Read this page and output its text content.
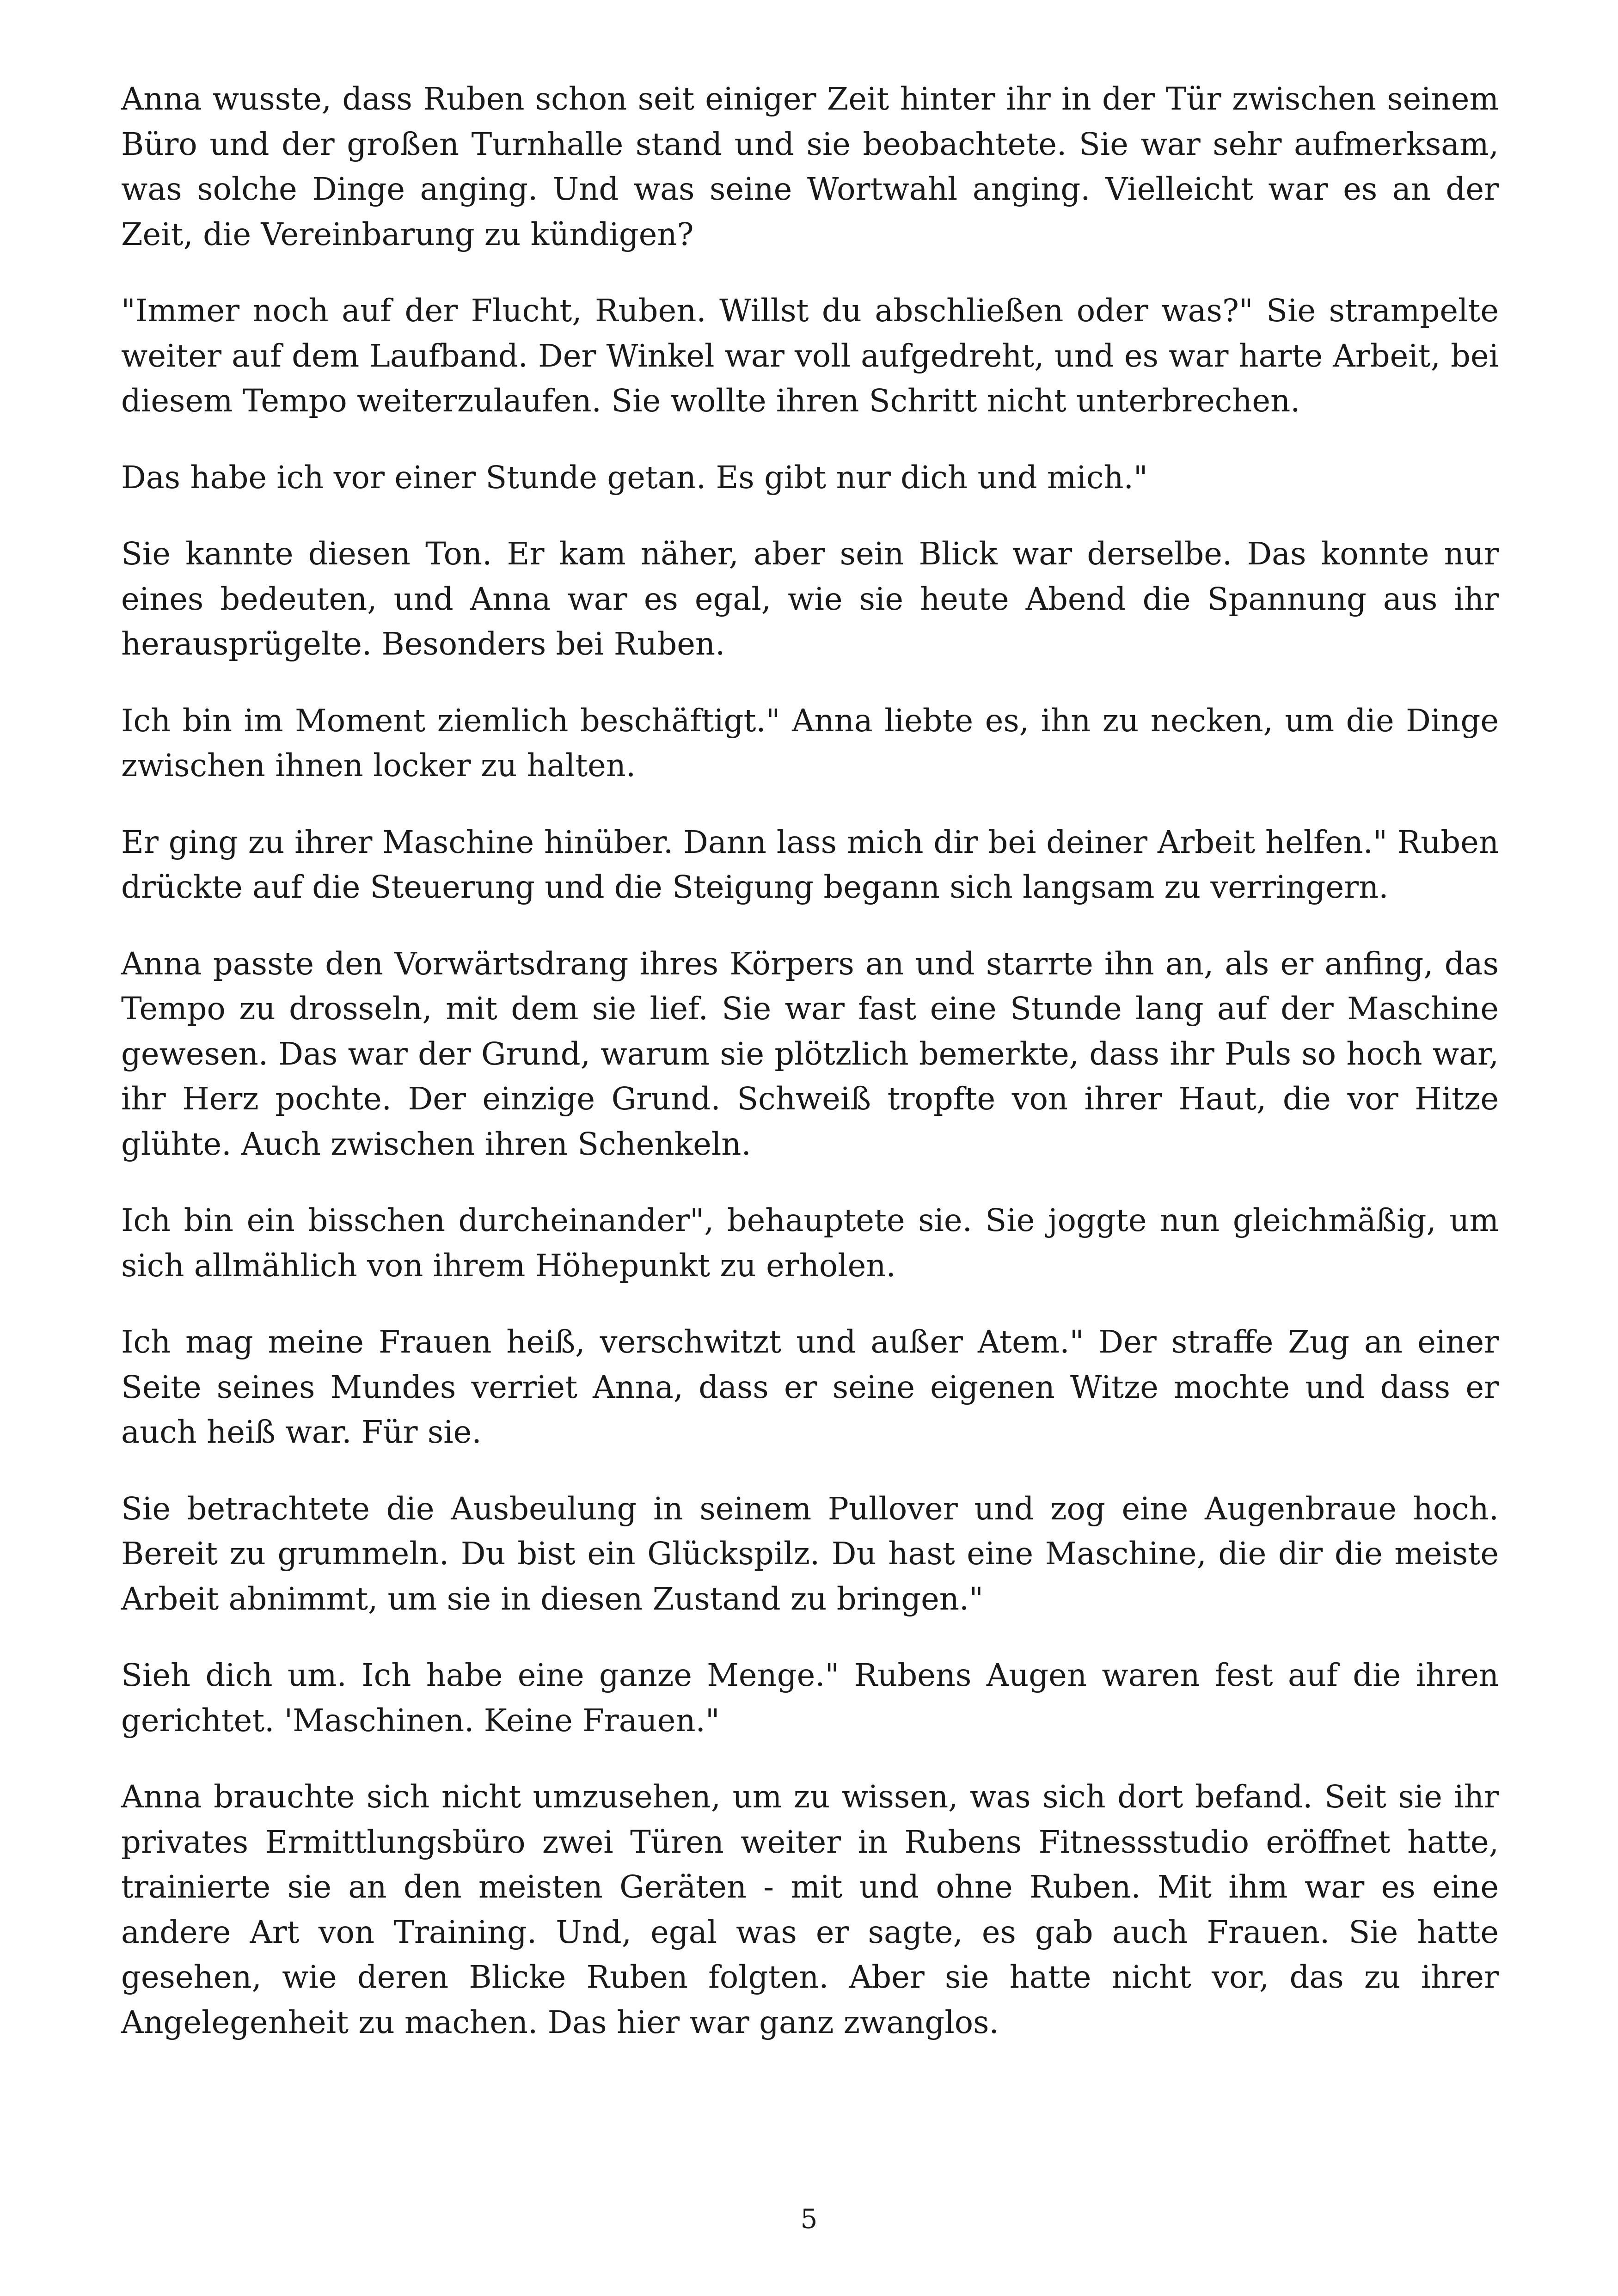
Anna wusste, dass Ruben schon seit einiger Zeit hinter ihr in der Tür zwischen seinem Büro und der großen Turnhalle stand und sie beobachtete. Sie war sehr aufmerksam, was solche Dinge anging. Und was seine Wortwahl anging. Vielleicht war es an der Zeit, die Vereinbarung zu kündigen?

"Immer noch auf der Flucht, Ruben. Willst du abschließen oder was?" Sie strampelte weiter auf dem Laufband. Der Winkel war voll aufgedreht, und es war harte Arbeit, bei diesem Tempo weiterzulaufen. Sie wollte ihren Schritt nicht unterbrechen.

Das habe ich vor einer Stunde getan. Es gibt nur dich und mich."

Sie kannte diesen Ton. Er kam näher, aber sein Blick war derselbe. Das konnte nur eines bedeuten, und Anna war es egal, wie sie heute Abend die Spannung aus ihr herausprügelte. Besonders bei Ruben.

Ich bin im Moment ziemlich beschäftigt." Anna liebte es, ihn zu necken, um die Dinge zwischen ihnen locker zu halten.

Er ging zu ihrer Maschine hinüber. Dann lass mich dir bei deiner Arbeit helfen." Ruben drückte auf die Steuerung und die Steigung begann sich langsam zu verringern.

Anna passte den Vorwärtsdrang ihres Körpers an und starrte ihn an, als er anfing, das Tempo zu drosseln, mit dem sie lief. Sie war fast eine Stunde lang auf der Maschine gewesen. Das war der Grund, warum sie plötzlich bemerkte, dass ihr Puls so hoch war, ihr Herz pochte. Der einzige Grund. Schweiß tropfte von ihrer Haut, die vor Hitze glühte. Auch zwischen ihren Schenkeln.

Ich bin ein bisschen durcheinander", behauptete sie. Sie joggte nun gleichmäßig, um sich allmählich von ihrem Höhepunkt zu erholen.

Ich mag meine Frauen heiß, verschwitzt und außer Atem." Der straffe Zug an einer Seite seines Mundes verriet Anna, dass er seine eigenen Witze mochte und dass er auch heiß war. Für sie.

Sie betrachtete die Ausbeulung in seinem Pullover und zog eine Augenbraue hoch. Bereit zu grummeln. Du bist ein Glückspilz. Du hast eine Maschine, die dir die meiste Arbeit abnimmt, um sie in diesen Zustand zu bringen."

Sieh dich um. Ich habe eine ganze Menge." Rubens Augen waren fest auf die ihren gerichtet. 'Maschinen. Keine Frauen."

Anna brauchte sich nicht umzusehen, um zu wissen, was sich dort befand. Seit sie ihr privates Ermittlungsbüro zwei Türen weiter in Rubens Fitnessstudio eröffnet hatte, trainierte sie an den meisten Geräten - mit und ohne Ruben. Mit ihm war es eine andere Art von Training. Und, egal was er sagte, es gab auch Frauen. Sie hatte gesehen, wie deren Blicke Ruben folgten. Aber sie hatte nicht vor, das zu ihrer Angelegenheit zu machen. Das hier war ganz zwanglos.

5
